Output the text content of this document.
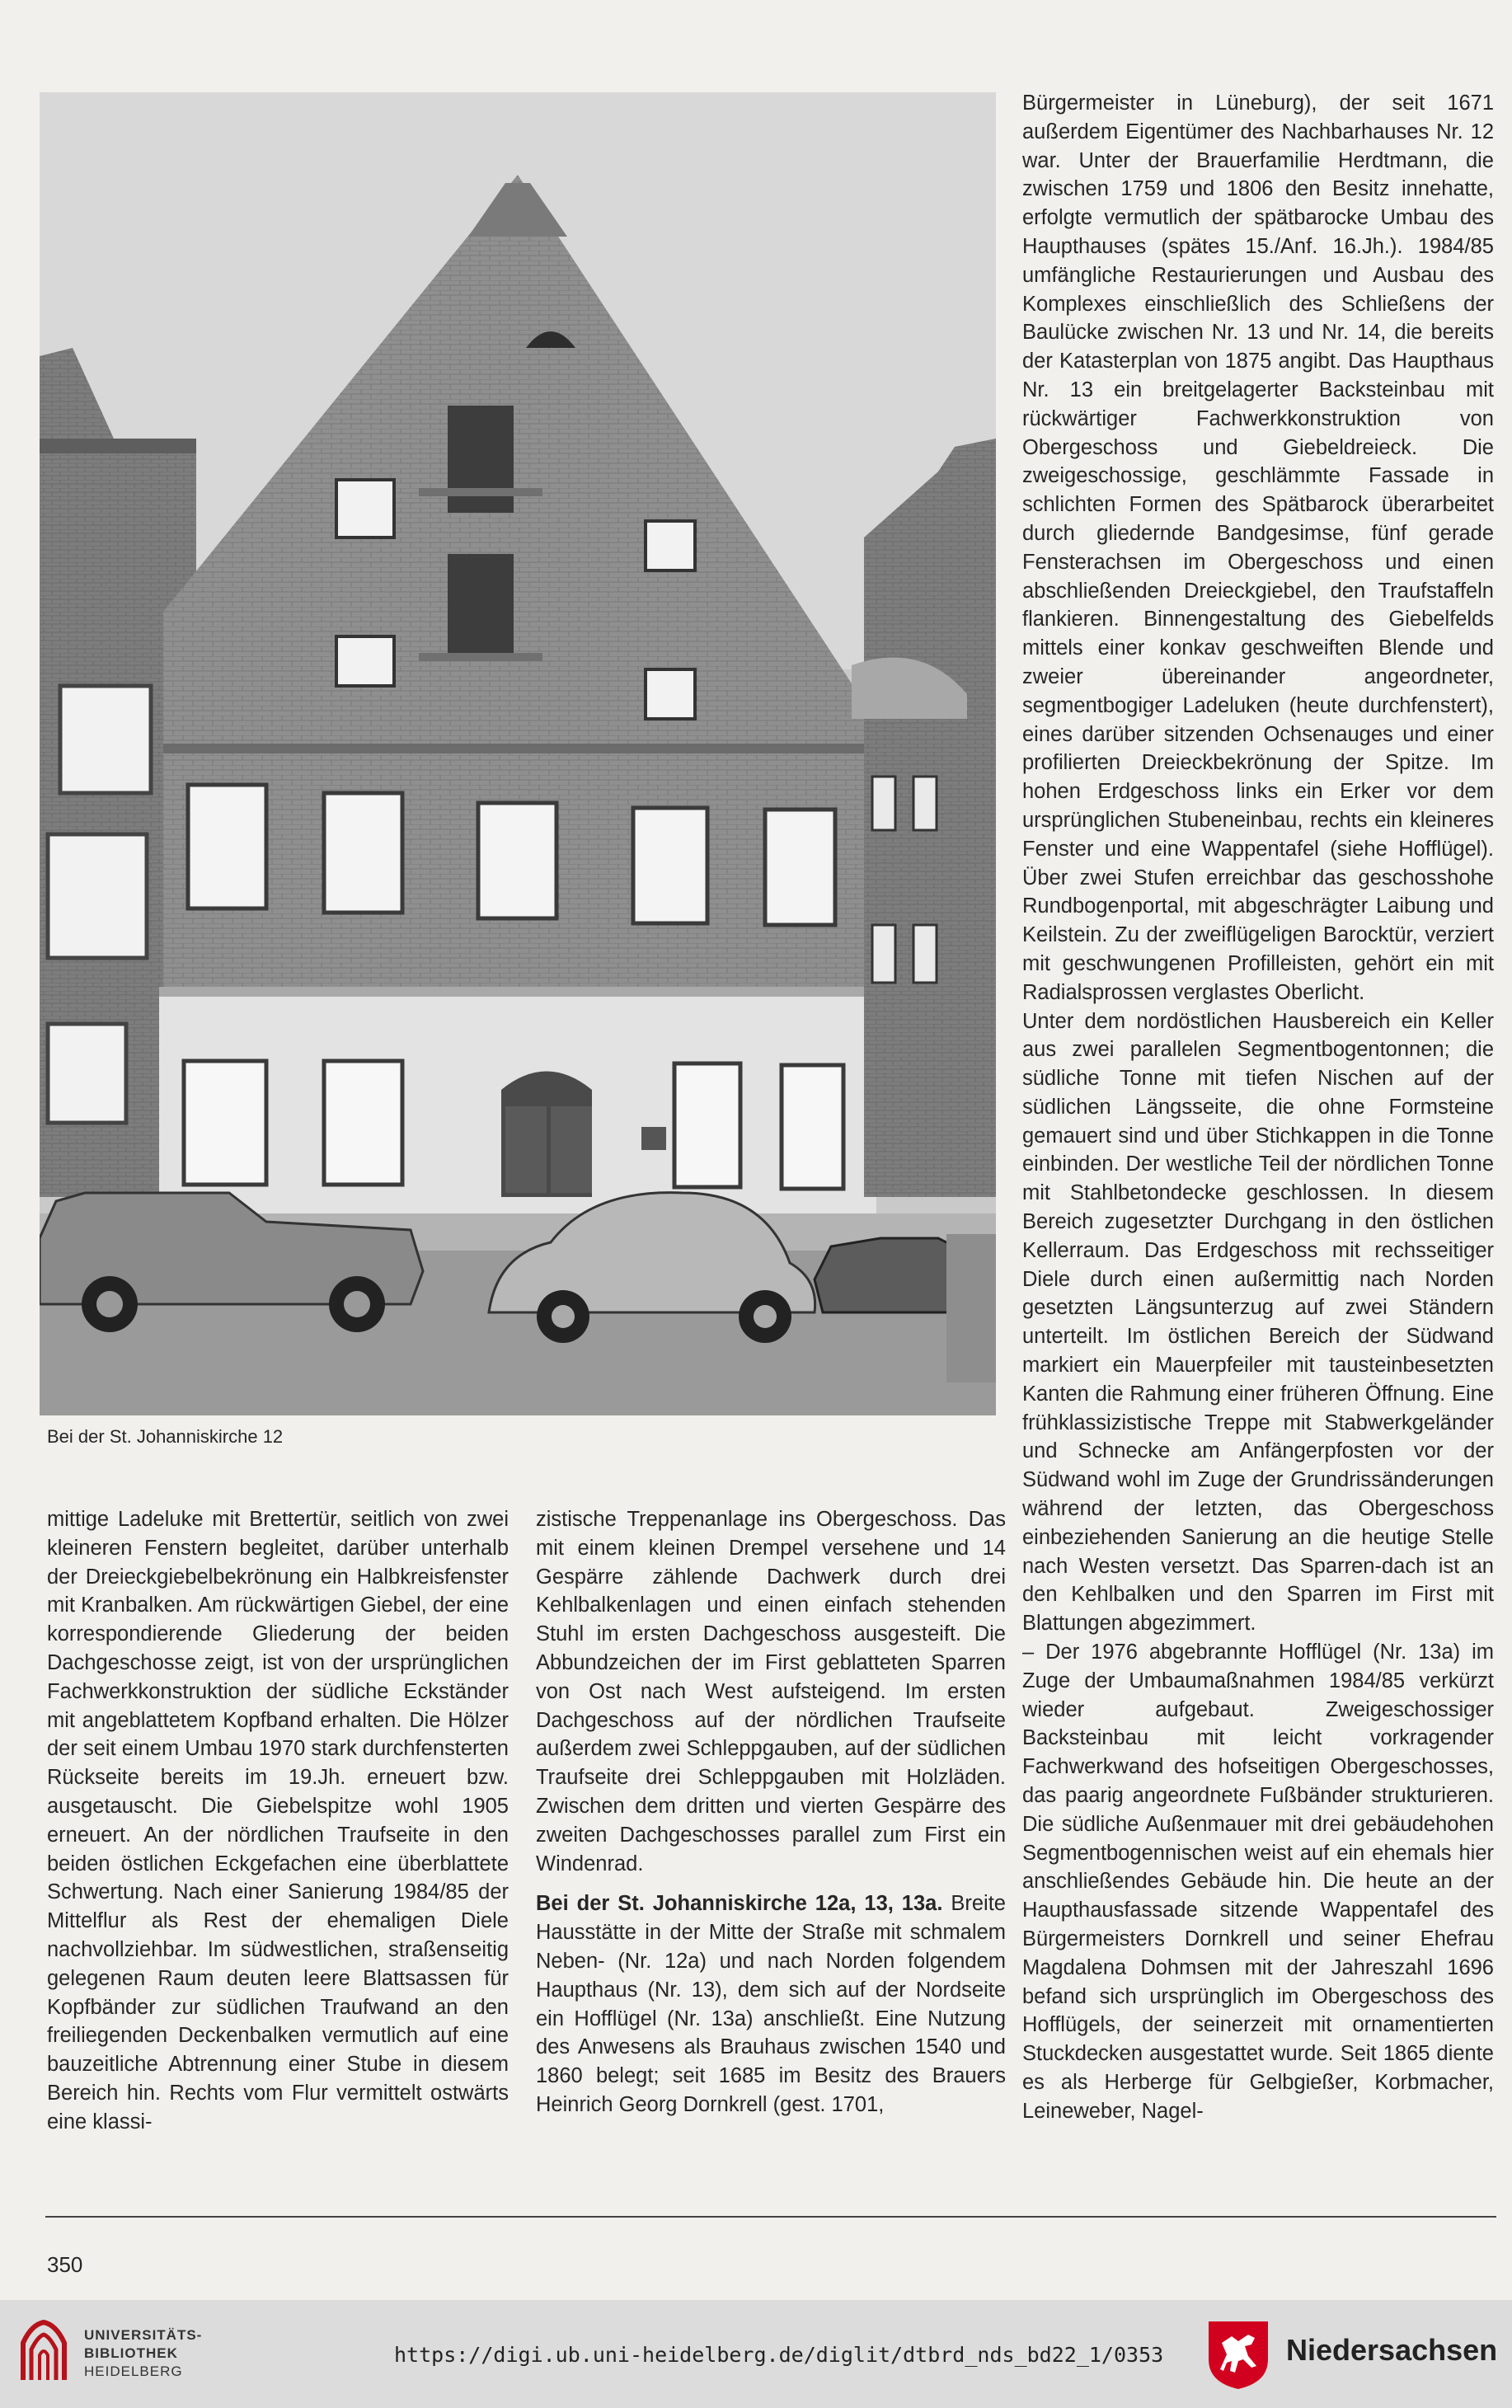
Bei der St. Johanniskirche 12

mittige Ladeluke mit Brettertür, seitlich von zwei kleineren Fenstern begleitet, darüber unterhalb der Dreieckgiebelbekrönung ein Halbkreisfenster mit Kranbalken. Am rückwärtigen Giebel, der eine korrespondierende Gliederung der beiden Dachgeschosse zeigt, ist von der ursprünglichen Fachwerkkonstruktion der südliche Eckständer mit angeblattetem Kopfband erhalten. Die Hölzer der seit einem Umbau 1970 stark durchfensterten Rückseite bereits im 19.Jh. erneuert bzw. ausgetauscht. Die Giebelspitze wohl 1905 erneuert. An der nördlichen Traufseite in den beiden östlichen Eckgefachen eine überblattete Schwertung. Nach einer Sanierung 1984/85 der Mittelflur als Rest der ehemaligen Diele nachvollziehbar. Im südwestlichen, straßenseitig gelegenen Raum deuten leere Blattsassen für Kopfbänder zur südlichen Traufwand an den freiliegenden Deckenbalken vermutlich auf eine bauzeitliche Abtrennung einer Stube in diesem Bereich hin. Rechts vom Flur vermittelt ostwärts eine klassi-

zistische Treppenanlage ins Obergeschoss. Das mit einem kleinen Drempel versehene und 14 Gespärre zählende Dachwerk durch drei Kehlbalkenlagen und einen einfach stehenden Stuhl im ersten Dachgeschoss ausgesteift. Die Abbundzeichen der im First geblatteten Sparren von Ost nach West aufsteigend. Im ersten Dachgeschoss auf der nördlichen Traufseite außerdem zwei Schleppgauben, auf der südlichen Traufseite drei Schleppgauben mit Holzläden. Zwischen dem dritten und vierten Gespärre des zweiten Dachgeschosses parallel zum First ein Windenrad.

Bei der St. Johanniskirche 12a, 13, 13a. Breite Hausstätte in der Mitte der Straße mit schmalem Neben- (Nr. 12a) und nach Norden folgendem Haupthaus (Nr. 13), dem sich auf der Nordseite ein Hofflügel (Nr. 13a) anschließt. Eine Nutzung des Anwesens als Brauhaus zwischen 1540 und 1860 belegt; seit 1685 im Besitz des Brauers Heinrich Georg Dornkrell (gest. 1701,

Bürgermeister in Lüneburg), der seit 1671 außerdem Eigentümer des Nachbarhauses Nr. 12 war. Unter der Brauerfamilie Herdtmann, die zwischen 1759 und 1806 den Besitz innehatte, erfolgte vermutlich der spätbarocke Umbau des Haupthauses (spätes 15./Anf. 16.Jh.). 1984/85 umfängliche Restaurierungen und Ausbau des Komplexes einschließlich des Schließens der Baulücke zwischen Nr. 13 und Nr. 14, die bereits der Katasterplan von 1875 angibt. Das Haupthaus Nr. 13 ein breitgelagerter Backsteinbau mit rückwärtiger Fachwerkkonstruktion von Obergeschoss und Giebeldreieck. Die zweigeschossige, geschlämmte Fassade in schlichten Formen des Spätbarock überarbeitet durch gliedernde Bandgesimse, fünf gerade Fensterachsen im Obergeschoss und einen abschließenden Dreieckgiebel, den Traufstaffeln flankieren. Binnengestaltung des Giebelfelds mittels einer konkav geschweiften Blende und zweier übereinander angeordneter, segmentbogiger Ladeluken (heute durchfenstert), eines darüber sitzenden Ochsenauges und einer profilierten Dreieckbekrönung der Spitze. Im hohen Erdgeschoss links ein Erker vor dem ursprünglichen Stubeneinbau, rechts ein kleineres Fenster und eine Wappentafel (siehe Hofflügel). Über zwei Stufen erreichbar das geschosshohe Rundbogenportal, mit abgeschrägter Laibung und Keilstein. Zu der zweiflügeligen Barocktür, verziert mit geschwungenen Profilleisten, gehört ein mit Radialsprossen verglastes Oberlicht.

Unter dem nordöstlichen Hausbereich ein Keller aus zwei parallelen Segmentbogentonnen; die südliche Tonne mit tiefen Nischen auf der südlichen Längsseite, die ohne Formsteine gemauert sind und über Stichkappen in die Tonne einbinden. Der westliche Teil der nördlichen Tonne mit Stahlbetondecke geschlossen. In diesem Bereich zugesetzter Durchgang in den östlichen Kellerraum. Das Erdgeschoss mit rechsseitiger Diele durch einen außermittig nach Norden gesetzten Längsunterzug auf zwei Ständern unterteilt. Im östlichen Bereich der Südwand markiert ein Mauerpfeiler mit tausteinbesetzten Kanten die Rahmung einer früheren Öffnung. Eine frühklassizistische Treppe mit Stabwerkgeländer und Schnecke am Anfängerpfosten vor der Südwand wohl im Zuge der Grundrissänderungen während der letzten, das Obergeschoss einbeziehenden Sanierung an die heutige Stelle nach Westen versetzt. Das Sparren-dach ist an den Kehlbalken und den Sparren im First mit Blattungen abgezimmert.

– Der 1976 abgebrannte Hofflügel (Nr. 13a) im Zuge der Umbaumaßnahmen 1984/85 verkürzt wieder aufgebaut. Zweigeschossiger Backsteinbau mit leicht vorkragender Fachwerkwand des hofseitigen Obergeschosses, das paarig angeordnete Fußbänder strukturieren. Die südliche Außenmauer mit drei gebäudehohen Segmentbogennischen weist auf ein ehemals hier anschließendes Gebäude hin. Die heute an der Haupthausfassade sitzende Wappentafel des Bürgermeisters Dornkrell und seiner Ehefrau Magdalena Dohmsen mit der Jahreszahl 1696 befand sich ursprünglich im Obergeschoss des Hofflügels, der seinerzeit mit ornamentierten Stuckdecken ausgestattet wurde. Seit 1865 diente es als Herberge für Gelbgießer, Korbmacher, Leineweber, Nagel-

350
UNIVERSITÄTS-
BIBLIOTHEK
HEIDELBERG
https://digi.ub.uni-heidelberg.de/diglit/dtbrd_nds_bd22_1/0353	Niedersachsen
